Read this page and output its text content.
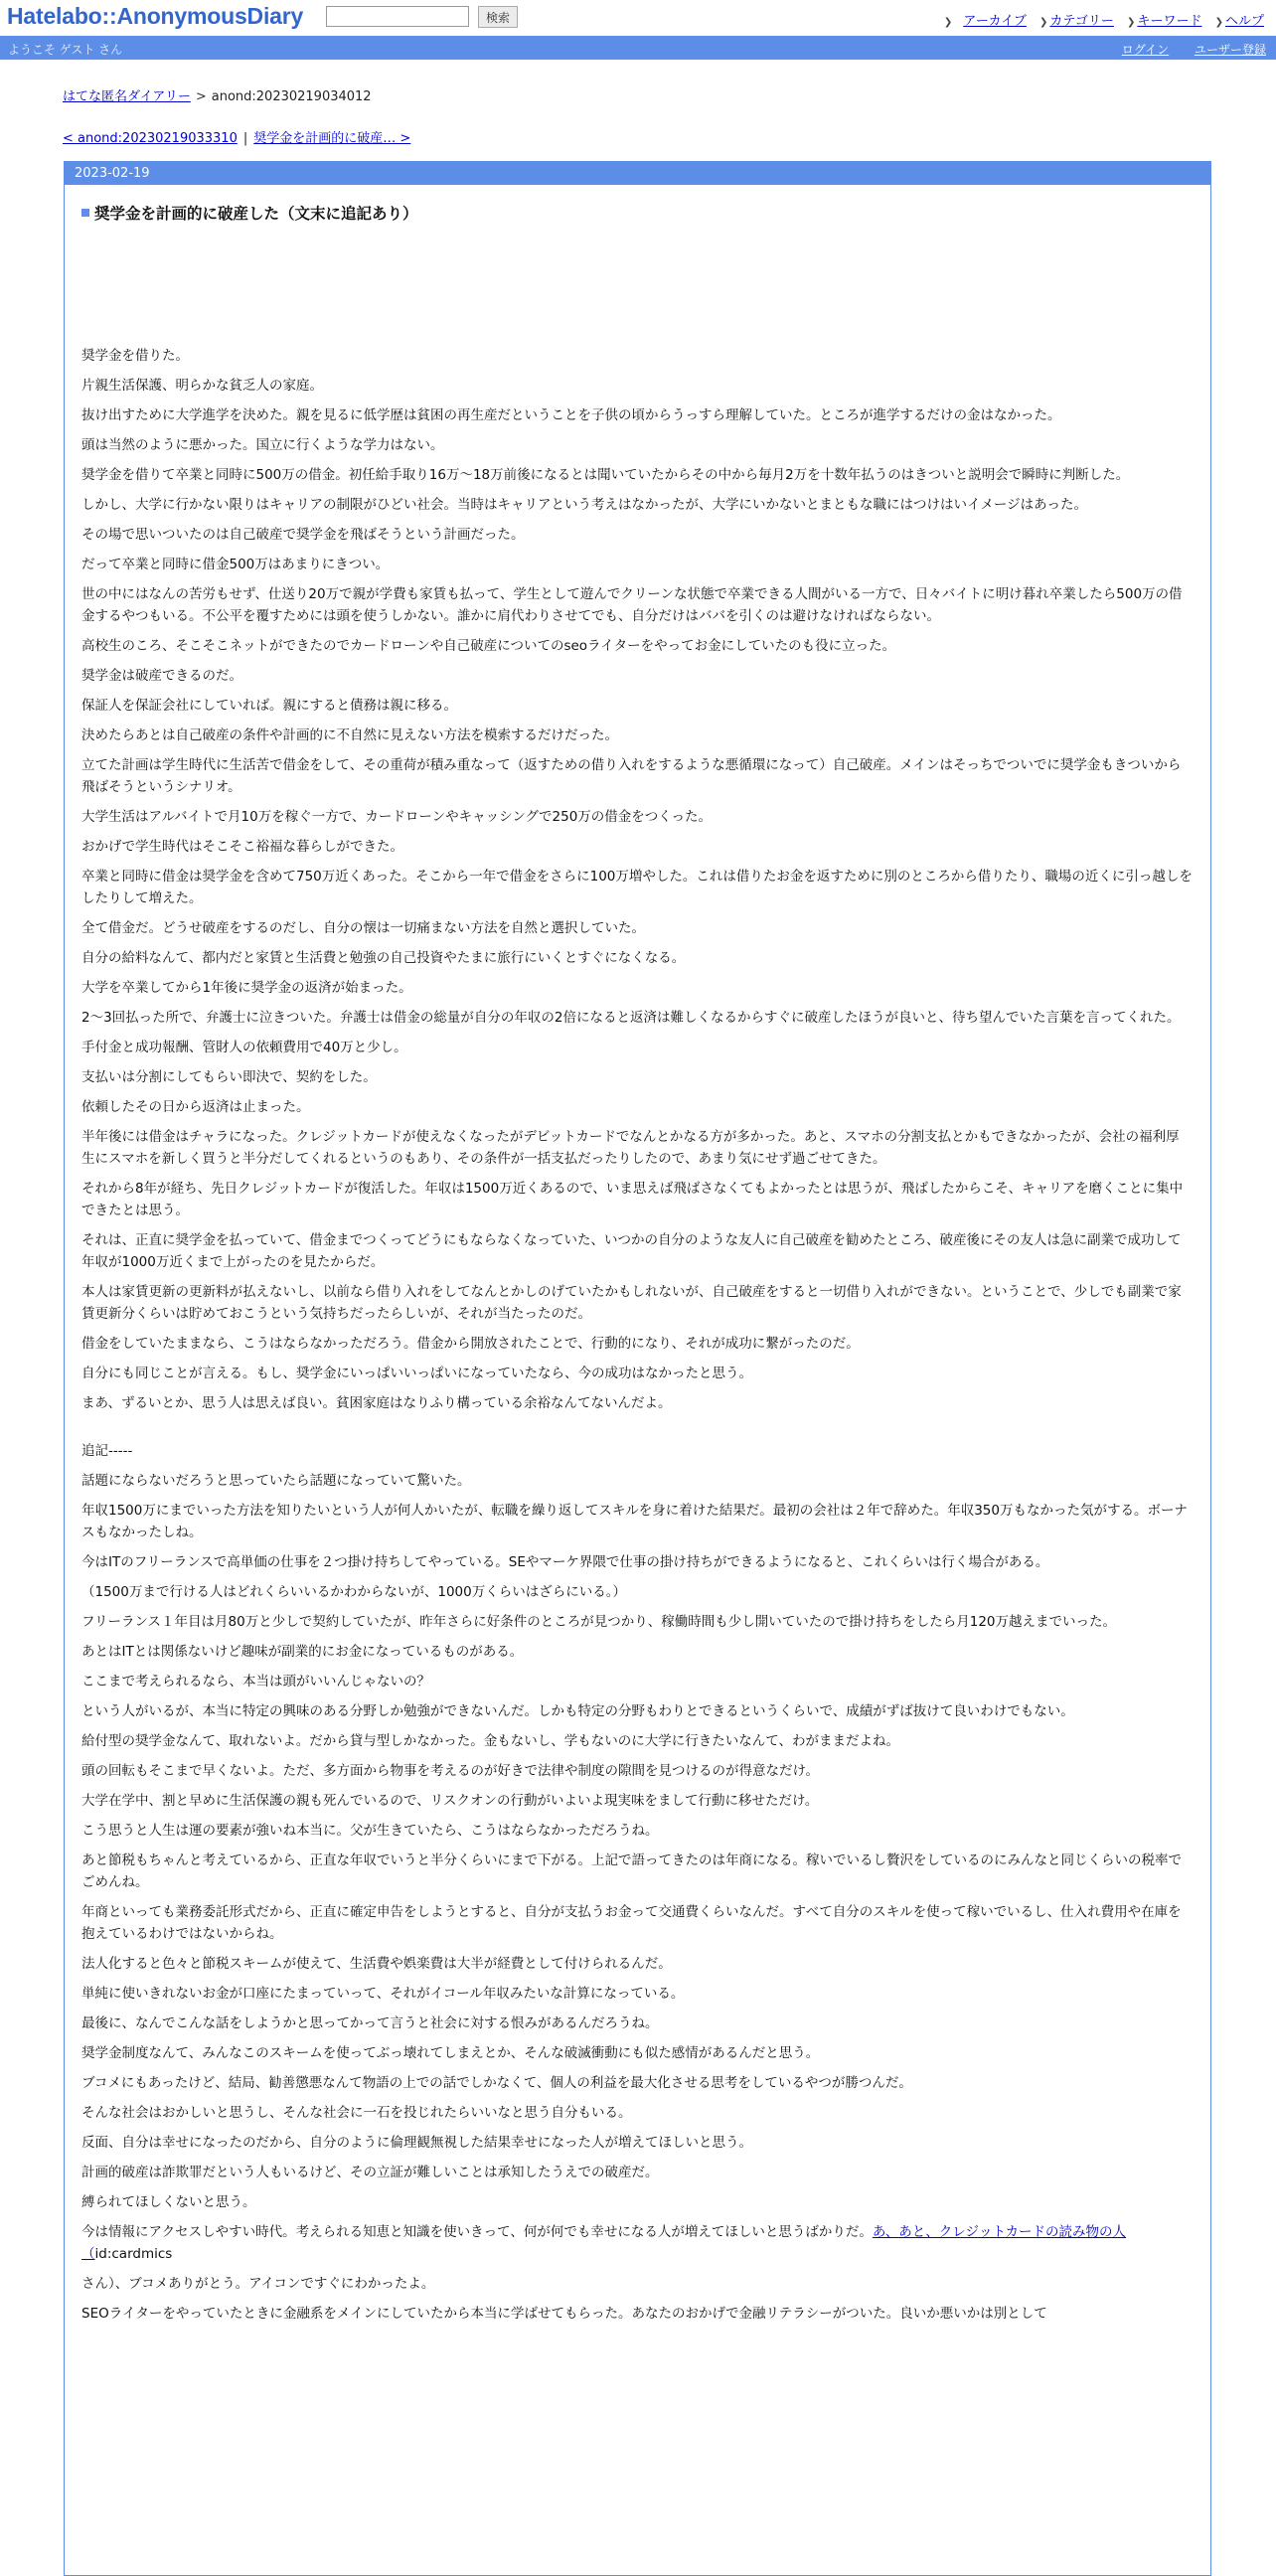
Hatelabo::AnonymousDiary	検索	❯ アーカイブ ❯ カテゴリー ❯ キーワード ❯ ヘルプ
ようこそ ゲスト さん	ログイン ユーザー登録
はてな匿名ダイアリー > anond:20230219034012
< anond:20230219033310 | 奨学金を計画的に破産… >
2023-02-19
奨学金を計画的に破産した（文末に追記あり）

奨学金を借りた。

片親生活保護、明らかな貧乏人の家庭。

抜け出すために大学進学を決めた。親を見るに低学歴は貧困の再生産だということを子供の頃からうっすら理解していた。ところが進学するだけの金はなかった。

頭は当然のように悪かった。国立に行くような学力はない。

奨学金を借りて卒業と同時に500万の借金。初任給手取り16万〜18万前後になるとは聞いていたからその中から毎月2万を十数年払うのはきついと説明会で瞬時に判断した。

しかし、大学に行かない限りはキャリアの制限がひどい社会。当時はキャリアという考えはなかったが、大学にいかないとまともな職にはつけはいイメージはあった。

その場で思いついたのは自己破産で奨学金を飛ばそうという計画だった。

だって卒業と同時に借金500万はあまりにきつい。

世の中にはなんの苦労もせず、仕送り20万で親が学費も家賃も払って、学生として遊んでクリーンな状態で卒業できる人間がいる一方で、日々バイトに明け暮れ卒業したら500万の借金するやつもいる。不公平を覆すためには頭を使うしかない。誰かに肩代わりさせてでも、自分だけはババを引くのは避けなければならない。

高校生のころ、そこそこネットができたのでカードローンや自己破産についてのseoライターをやってお金にしていたのも役に立った。

奨学金は破産できるのだ。

保証人を保証会社にしていれば。親にすると債務は親に移る。

決めたらあとは自己破産の条件や計画的に不自然に見えない方法を模索するだけだった。

立てた計画は学生時代に生活苦で借金をして、その重荷が積み重なって（返すための借り入れをするような悪循環になって）自己破産。メインはそっちでついでに奨学金もきついから飛ばそうというシナリオ。

大学生活はアルバイトで月10万を稼ぐ一方で、カードローンやキャッシングで250万の借金をつくった。

おかげで学生時代はそこそこ裕福な暮らしができた。

卒業と同時に借金は奨学金を含めて750万近くあった。そこから一年で借金をさらに100万増やした。これは借りたお金を返すために別のところから借りたり、職場の近くに引っ越しをしたりして増えた。

全て借金だ。どうせ破産をするのだし、自分の懐は一切痛まない方法を自然と選択していた。

自分の給料なんて、都内だと家賃と生活費と勉強の自己投資やたまに旅行にいくとすぐになくなる。

大学を卒業してから1年後に奨学金の返済が始まった。

2〜3回払った所で、弁護士に泣きついた。弁護士は借金の総量が自分の年収の2倍になると返済は難しくなるからすぐに破産したほうが良いと、待ち望んでいた言葉を言ってくれた。

手付金と成功報酬、管財人の依頼費用で40万と少し。

支払いは分割にしてもらい即決で、契約をした。

依頼したその日から返済は止まった。

半年後には借金はチャラになった。クレジットカードが使えなくなったがデビットカードでなんとかなる方が多かった。あと、スマホの分割支払とかもできなかったが、会社の福利厚生にスマホを新しく買うと半分だしてくれるというのもあり、その条件が一括支払だったりしたので、あまり気にせず過ごせてきた。

それから8年が経ち、先日クレジットカードが復活した。年収は1500万近くあるので、いま思えば飛ばさなくてもよかったとは思うが、飛ばしたからこそ、キャリアを磨くことに集中できたとは思う。

それは、正直に奨学金を払っていて、借金までつくってどうにもならなくなっていた、いつかの自分のような友人に自己破産を勧めたところ、破産後にその友人は急に副業で成功して年収が1000万近くまで上がったのを見たからだ。

本人は家賃更新の更新料が払えないし、以前なら借り入れをしてなんとかしのげていたかもしれないが、自己破産をすると一切借り入れができない。ということで、少しでも副業で家賃更新分くらいは貯めておこうという気持ちだったらしいが、それが当たったのだ。

借金をしていたままなら、こうはならなかっただろう。借金から開放されたことで、行動的になり、それが成功に繋がったのだ。

自分にも同じことが言える。もし、奨学金にいっぱいいっぱいになっていたなら、今の成功はなかったと思う。

まあ、ずるいとか、思う人は思えば良い。貧困家庭はなりふり構っている余裕なんてないんだよ。

追記-----

話題にならないだろうと思っていたら話題になっていて驚いた。

年収1500万にまでいった方法を知りたいという人が何人かいたが、転職を繰り返してスキルを身に着けた結果だ。最初の会社は２年で辞めた。年収350万もなかった気がする。ボーナスもなかったしね。

今はITのフリーランスで高単価の仕事を２つ掛け持ちしてやっている。SEやマーケ界隈で仕事の掛け持ちができるようになると、これくらいは行く場合がある。

（1500万まで行ける人はどれくらいいるかわからないが、1000万くらいはざらにいる。）

フリーランス１年目は月80万と少しで契約していたが、昨年さらに好条件のところが見つかり、稼働時間も少し開いていたので掛け持ちをしたら月120万越えまでいった。

あとはITとは関係ないけど趣味が副業的にお金になっているものがある。

ここまで考えられるなら、本当は頭がいいんじゃないの？

という人がいるが、本当に特定の興味のある分野しか勉強ができないんだ。しかも特定の分野もわりとできるというくらいで、成績がずば抜けて良いわけでもない。

給付型の奨学金なんて、取れないよ。だから貸与型しかなかった。金もないし、学もないのに大学に行きたいなんて、わがままだよね。

頭の回転もそこまで早くないよ。ただ、多方面から物事を考えるのが好きで法律や制度の隙間を見つけるのが得意なだけ。

大学在学中、割と早めに生活保護の親も死んでいるので、リスクオンの行動がいよいよ現実味をまして行動に移せただけ。

こう思うと人生は運の要素が強いね本当に。父が生きていたら、こうはならなかっただろうね。

あと節税もちゃんと考えているから、正直な年収でいうと半分くらいにまで下がる。上記で語ってきたのは年商になる。稼いでいるし贅沢をしているのにみんなと同じくらいの税率でごめんね。

年商といっても業務委託形式だから、正直に確定申告をしようとすると、自分が支払うお金って交通費くらいなんだ。すべて自分のスキルを使って稼いでいるし、仕入れ費用や在庫を抱えているわけではないからね。

法人化すると色々と節税スキームが使えて、生活費や娯楽費は大半が経費として付けられるんだ。

単純に使いきれないお金が口座にたまっていって、それがイコール年収みたいな計算になっている。

最後に、なんでこんな話をしようかと思ってかって言うと社会に対する恨みがあるんだろうね。

奨学金制度なんて、みんなこのスキームを使ってぶっ壊れてしまえとか、そんな破滅衝動にも似た感情があるんだと思う。

ブコメにもあったけど、結局、勧善懲悪なんて物語の上での話でしかなくて、個人の利益を最大化させる思考をしているやつが勝つんだ。

そんな社会はおかしいと思うし、そんな社会に一石を投じれたらいいなと思う自分もいる。

反面、自分は幸せになったのだから、自分のように倫理観無視した結果幸せになった人が増えてほしいと思う。

計画的破産は詐欺罪だという人もいるけど、その立証が難しいことは承知したうえでの破産だ。

縛られてほしくないと思う。

今は情報にアクセスしやすい時代。考えられる知恵と知識を使いきって、何が何でも幸せになる人が増えてほしいと思うばかりだ。あ、あと、クレジットカードの読み物の人（id:cardmics

さん）、ブコメありがとう。アイコンですぐにわかったよ。

SEOライターをやっていたときに金融系をメインにしていたから本当に学ばせてもらった。あなたのおかげで金融リテラシーがついた。良いか悪いかは別として
